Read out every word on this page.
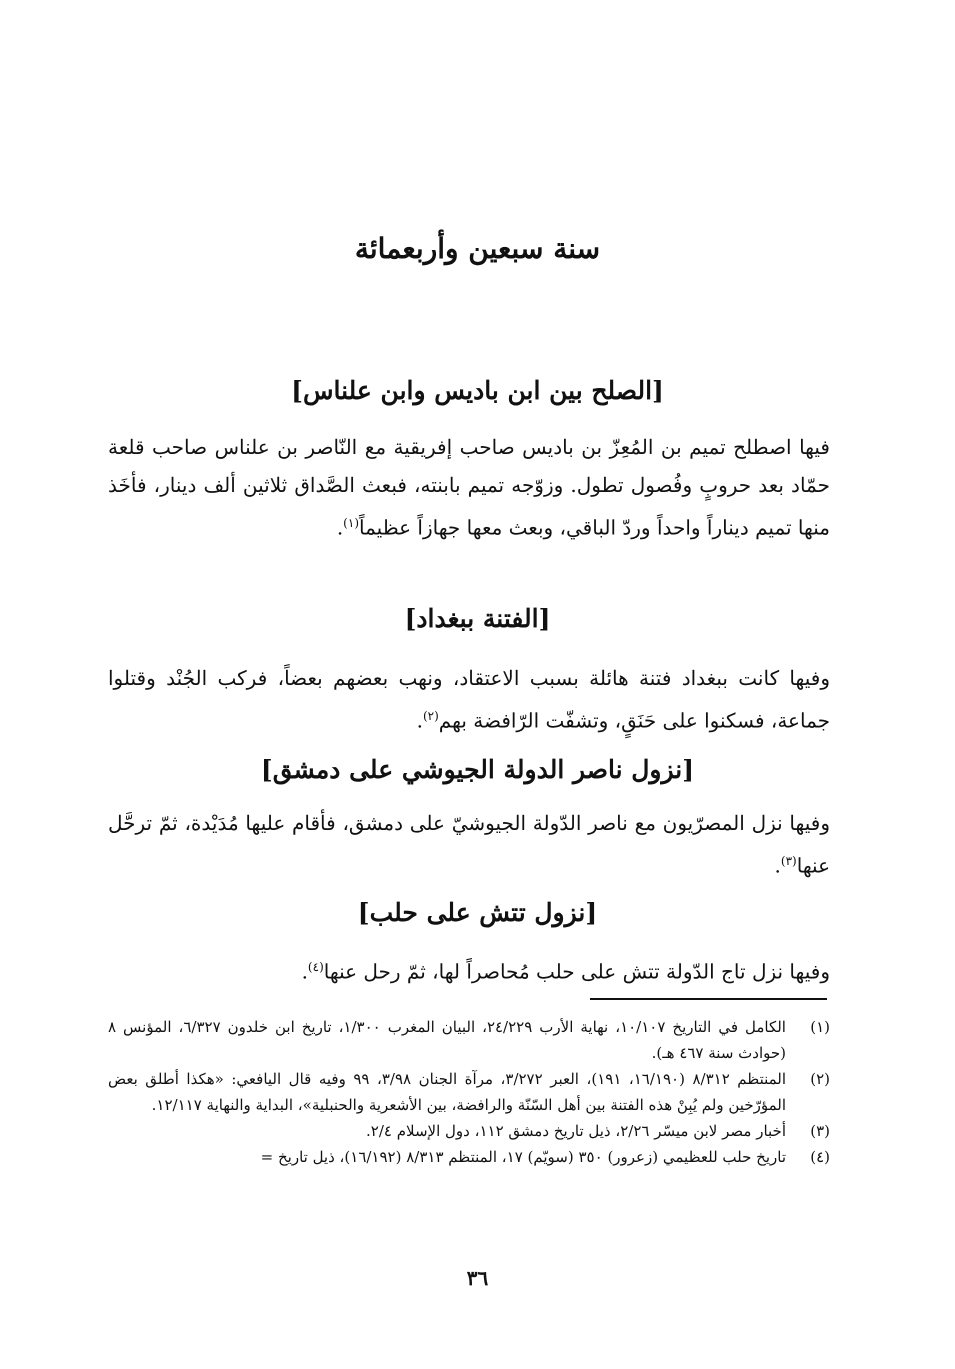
سنة سبعين وأربعمائة
[الصلح بين ابن باديس وابن علناس]

فيها اصطلح تميم بن المُعِزّ بن باديس صاحب إفريقية مع النّاصر بن علناس صاحب قلعة حمّاد بعد حروبٍ وفُصول تطول. وزوّجه تميم بابنته، فبعث الصَّداق ثلاثين ألف دينار، فأخَذ منها تميم ديناراً واحداً وردّ الباقي، وبعث معها جهازاً عظيماً$^{(١)}$.

[الفتنة ببغداد]

وفيها كانت ببغداد فتنة هائلة بسبب الاعتقاد، ونهب بعضهم بعضاً، فركب الجُنْد وقتلوا جماعة، فسكنوا على حَنَقٍ، وتشفّت الرّافضة بهم$^{(٢)}$.

[نزول ناصر الدولة الجيوشي على دمشق]

وفيها نزل المصرّيون مع ناصر الدّولة الجيوشيّ على دمشق، فأقام عليها مُدَيْدة، ثمّ ترحَّل عنها$^{(٣)}$.

[نزول تتش على حلب]

وفيها نزل تاج الدّولة تتش على حلب مُحاصراً لها، ثمّ رحل عنها$^{(٤)}$.

(١)
الكامل في التاريخ ١٠/١٠٧، نهاية الأرب ٢٤/٢٢٩، البيان المغرب ١/٣٠٠، تاريخ ابن خلدون ٦/٣٢٧، المؤنس ٨ (حوادث سنة ٤٦٧ هـ).
(٢)
المنتظم ٨/٣١٢ (١٦/١٩٠، ١٩١)، العبر ٣/٢٧٢، مرآة الجنان ٣/٩٨، ٩٩ وفيه قال اليافعي: «هكذا أطلق بعض المؤرّخين ولم يُبِنْ هذه الفتنة بين أهل السّنّة والرافضة، بين الأشعرية والحنبلية»، البداية والنهاية ١٢/١١٧.
(٣)
أخبار مصر لابن ميسّر ٢/٢٦، ذيل تاريخ دمشق ١١٢، دول الإسلام ٢/٤.
(٤)
تاريخ حلب للعظيمي (زعرور) ٣٥٠ (سويّم) ١٧، المنتظم ٨/٣١٣ (١٦/١٩٢)، ذيل تاريخ =
٣٦
